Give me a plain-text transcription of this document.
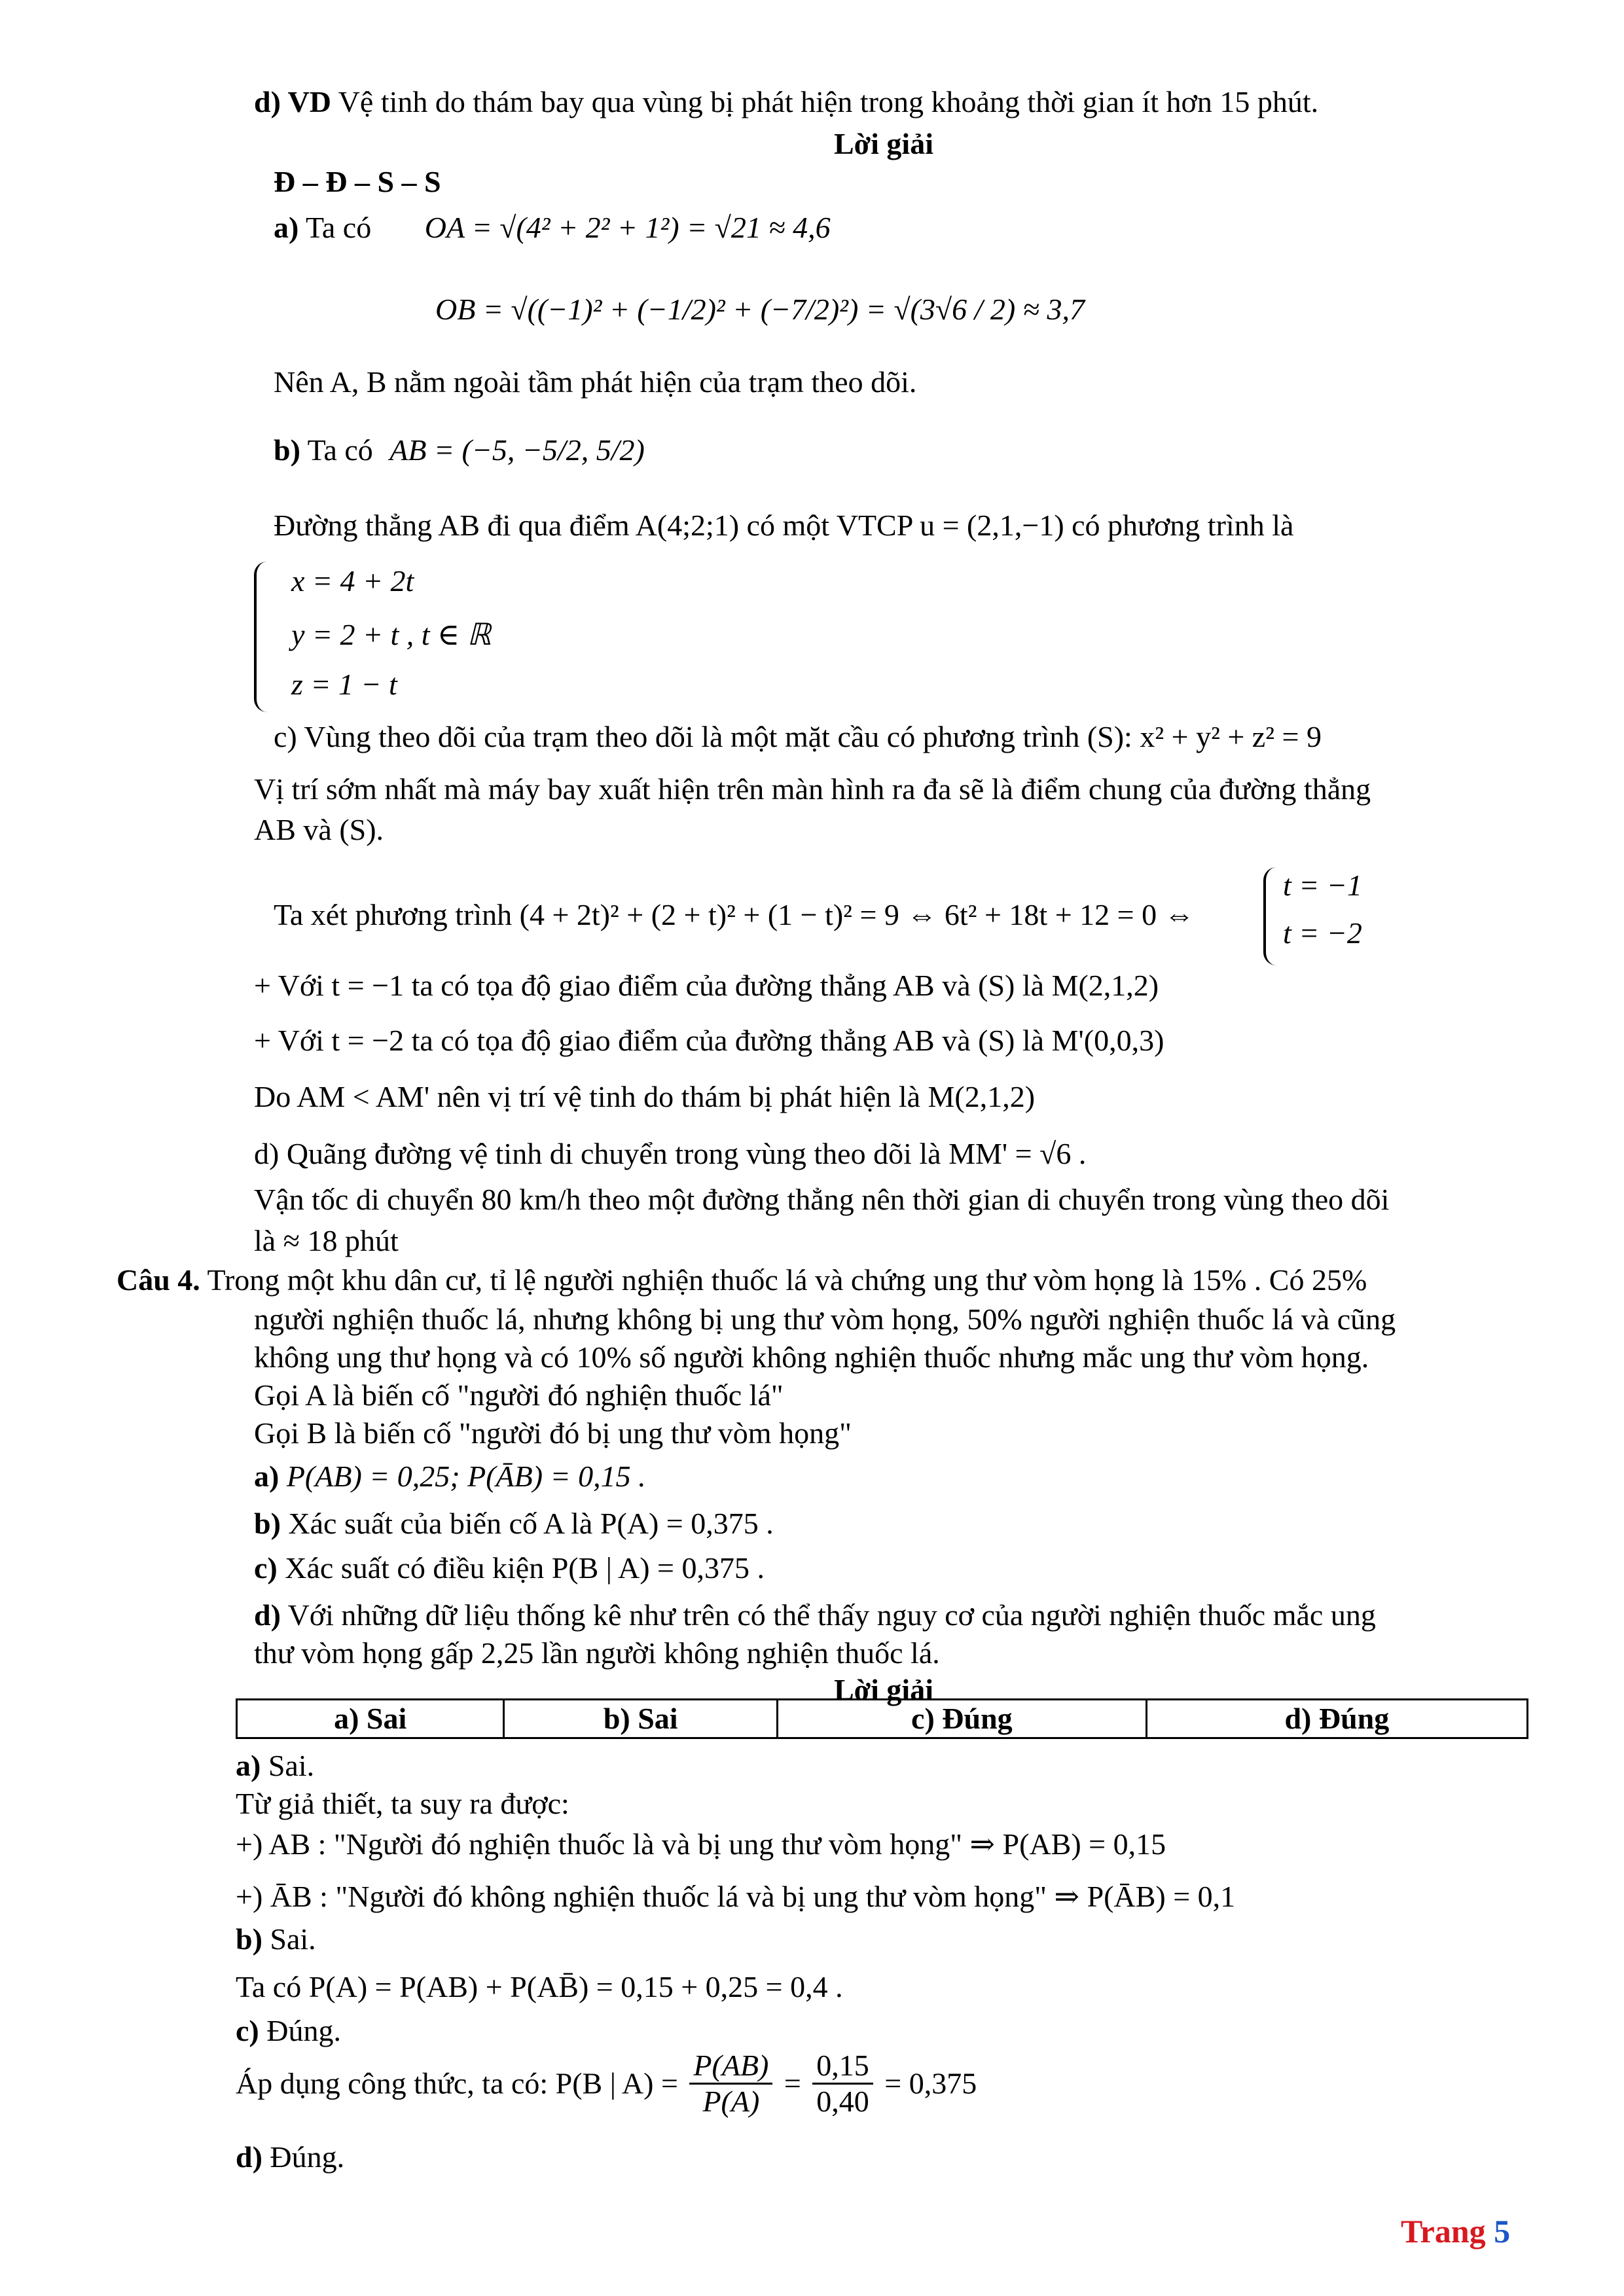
d) VD Vệ tinh do thám bay qua vùng bị phát hiện trong khoảng thời gian ít hơn 15 phút.
Lời giải
Đ – Đ – S – S
a) Ta có OA = √(4² + 2² + 1²) = √21 ≈ 4,6
OB = √((−1)² + (−1/2)² + (−7/2)²) = √(3√6 / 2) ≈ 3,7
Nên A, B nằm ngoài tầm phát hiện của trạm theo dõi.
b) Ta có AB = (−5, −5/2, 5/2)
Đường thẳng AB đi qua điểm A(4;2;1) có một VTCP u = (2,1,−1) có phương trình là
x = 4 + 2t
y = 2 + t , t ∈ ℝ
z = 1 − t
c) Vùng theo dõi của trạm theo dõi là một mặt cầu có phương trình (S): x² + y² + z² = 9
Vị trí sớm nhất mà máy bay xuất hiện trên màn hình ra đa sẽ là điểm chung của đường thẳng
AB và (S).
Ta xét phương trình (4 + 2t)² + (2 + t)² + (1 − t)² = 9 ⇔ 6t² + 18t + 12 = 0 ⇔
t = −1
t = −2
+ Với t = −1 ta có tọa độ giao điểm của đường thẳng AB và (S) là M(2,1,2)
+ Với t = −2 ta có tọa độ giao điểm của đường thẳng AB và (S) là M'(0,0,3)
Do AM < AM' nên vị trí vệ tinh do thám bị phát hiện là M(2,1,2)
d) Quãng đường vệ tinh di chuyển trong vùng theo dõi là MM' = √6 .
Vận tốc di chuyển 80 km/h theo một đường thẳng nên thời gian di chuyển trong vùng theo dõi
là ≈ 18 phút
Câu 4. Trong một khu dân cư, tỉ lệ người nghiện thuốc lá và chứng ung thư vòm họng là 15% . Có 25%
người nghiện thuốc lá, nhưng không bị ung thư vòm họng, 50% người nghiện thuốc lá và cũng
không ung thư họng và có 10% số người không nghiện thuốc nhưng mắc ung thư vòm họng.
Gọi A là biến cố "người đó nghiện thuốc lá"
Gọi B là biến cố "người đó bị ung thư vòm họng"
a) P(AB) = 0,25; P(ĀB) = 0,15 .
b) Xác suất của biến cố A là P(A) = 0,375 .
c) Xác suất có điều kiện P(B | A) = 0,375 .
d) Với những dữ liệu thống kê như trên có thể thấy nguy cơ của người nghiện thuốc mắc ung
thư vòm họng gấp 2,25 lần người không nghiện thuốc lá.
Lời giải
a) Sai	b) Sai	c) Đúng	d) Đúng
a) Sai.
Từ giả thiết, ta suy ra được:
+) AB : "Người đó nghiện thuốc là và bị ung thư vòm họng" ⇒ P(AB) = 0,15
+) ĀB : "Người đó không nghiện thuốc lá và bị ung thư vòm họng" ⇒ P(ĀB) = 0,1
b) Sai.
Ta có P(A) = P(AB) + P(AB̄) = 0,15 + 0,25 = 0,4 .
c) Đúng.
Áp dụng công thức, ta có: P(B | $A) = \frac{P(AB)}{P(A)} = \frac{0,15}{0,40} = 0,375$
d) Đúng.
Trang 5
